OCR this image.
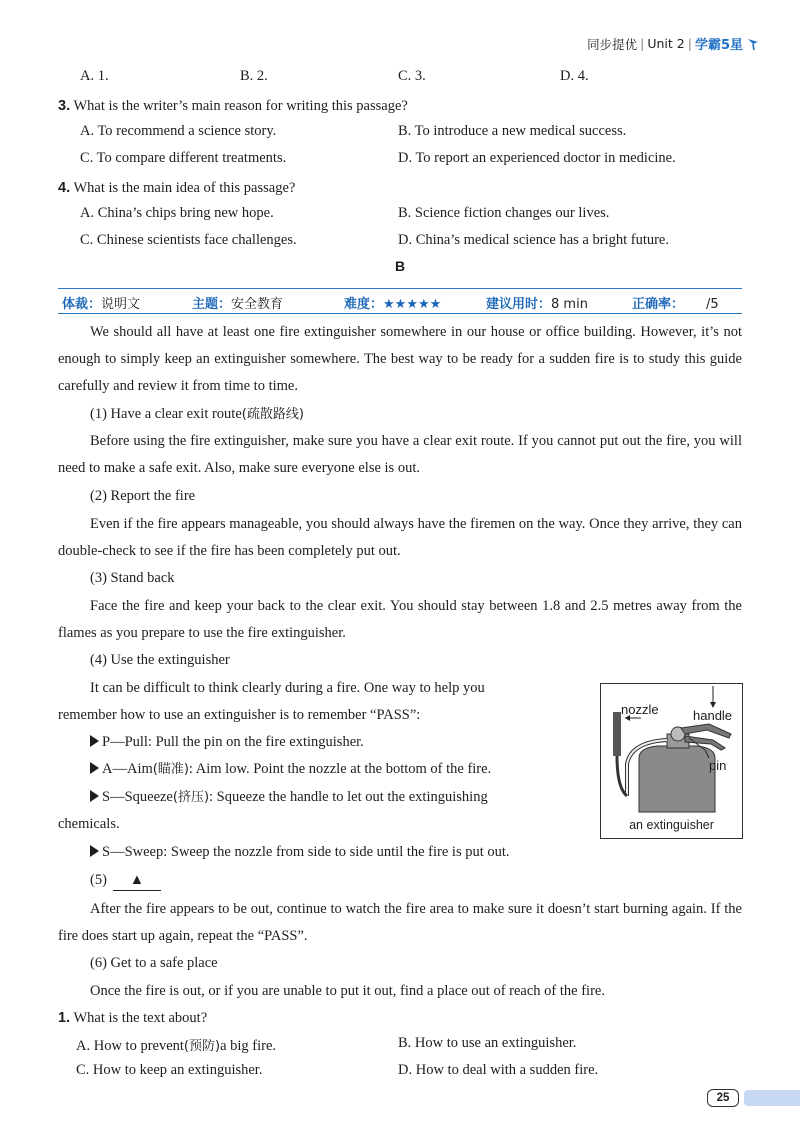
同步提优 | Unit 2 | 学霸5星
A. 1.	B. 2.	C. 3.	D. 4.
3. What is the writer’s main reason for writing this passage?
A. To recommend a science story.	B. To introduce a new medical success.
C. To compare different treatments.	D. To report an experienced doctor in medicine.
4. What is the main idea of this passage?
A. China’s chips bring new hope.	B. Science fiction changes our lives.
C. Chinese scientists face challenges.	D. China’s medical science has a bright future.
B
体裁：说明文	主题：安全教育	难度：★★★★★	建议用时：8 min	正确率： /5
We should all have at least one fire extinguisher somewhere in our house or office building. However, it’s not enough to simply keep an extinguisher somewhere. The best way to be ready for a sudden fire is to study this guide carefully and review it from time to time.
(1) Have a clear exit route(疏散路线)
Before using the fire extinguisher, make sure you have a clear exit route. If you cannot put out the fire, you will need to make a safe exit. Also, make sure everyone else is out.
(2) Report the fire
Even if the fire appears manageable, you should always have the firemen on the way. Once they arrive, they can double-check to see if the fire has been completely put out.
(3) Stand back
Face the fire and keep your back to the clear exit. You should stay between 1.8 and 2.5 metres away from the flames as you prepare to use the fire extinguisher.
(4) Use the extinguisher
It can be difficult to think clearly during a fire. One way to help you
remember how to use an extinguisher is to remember “PASS”:
P—Pull: Pull the pin on the fire extinguisher.
A—Aim(瞄准): Aim low. Point the nozzle at the bottom of the fire.
S—Squeeze(挤压): Squeeze the handle to let out the extinguishing
chemicals.
S—Sweep: Sweep the nozzle from side to side until the fire is put out.
(5) ▲
After the fire appears to be out, continue to watch the fire area to make sure it doesn’t start burning again. If the fire does start up again, repeat the “PASS”.
(6) Get to a safe place
Once the fire is out, or if you are unable to put it out, find a place out of reach of the fire.
nozzle	handle
pin
an extinguisher
1. What is the text about?
A. How to prevent(预防)a big fire.	B. How to use an extinguisher.
C. How to keep an extinguisher.	D. How to deal with a sudden fire.
25
